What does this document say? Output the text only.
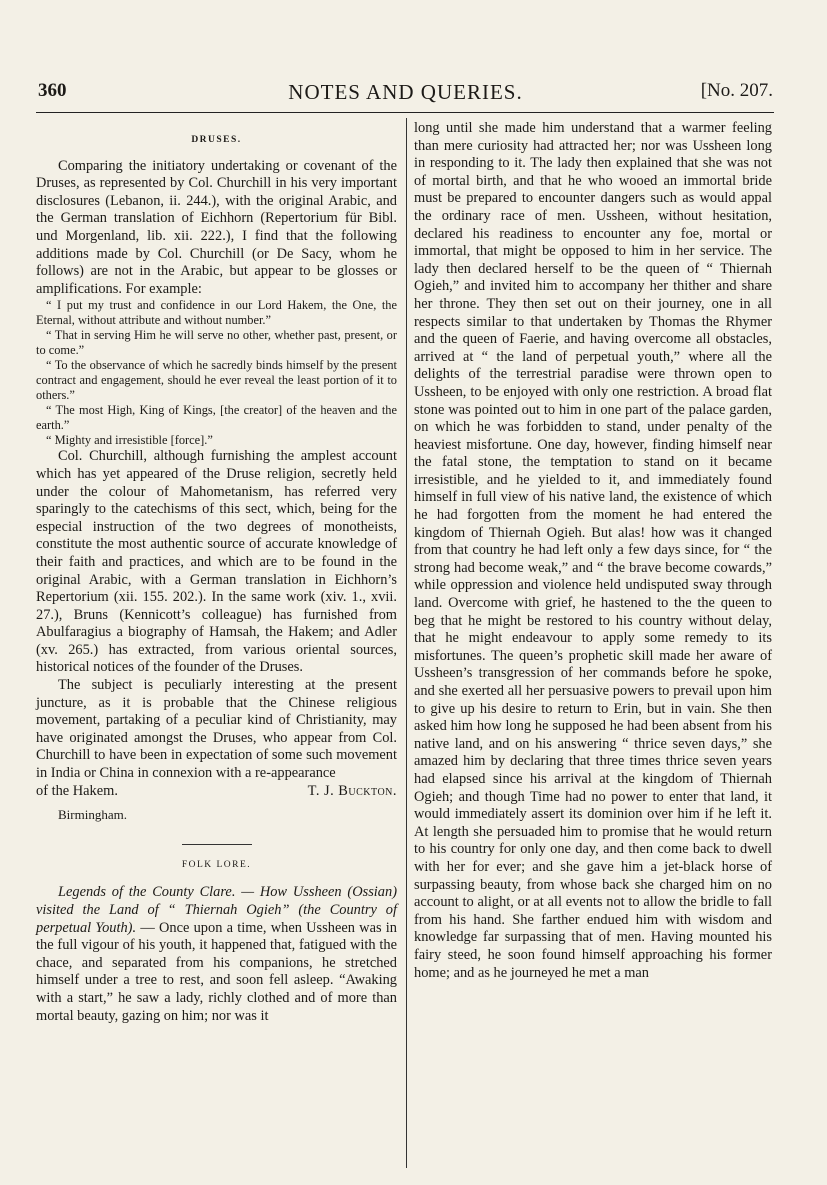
360	NOTES AND QUERIES.	[No. 207.
DRUSES.

Comparing the initiatory undertaking or covenant of the Druses, as represented by Col. Churchill in his very important disclosures (Lebanon, ii. 244.), with the original Arabic, and the German translation of Eichhorn (Repertorium für Bibl. und Morgenland, lib. xii. 222.), I find that the following additions made by Col. Churchill (or De Sacy, whom he follows) are not in the Arabic, but appear to be glosses or amplifications. For example:

“ I put my trust and confidence in our Lord Hakem, the One, the Eternal, without attribute and without number.”

“ That in serving Him he will serve no other, whether past, present, or to come.”

“ To the observance of which he sacredly binds himself by the present contract and engagement, should he ever reveal the least portion of it to others.”

“ The most High, King of Kings, [the creator] of the heaven and the earth.”

“ Mighty and irresistible [force].”

Col. Churchill, although furnishing the amplest account which has yet appeared of the Druse religion, secretly held under the colour of Mahometanism, has referred very sparingly to the catechisms of this sect, which, being for the especial instruction of the two degrees of monotheists, constitute the most authentic source of accurate knowledge of their faith and practices, and which are to be found in the original Arabic, with a German translation in Eichhorn’s Repertorium (xii. 155. 202.). In the same work (xiv. 1., xvii. 27.), Bruns (Kennicott’s colleague) has furnished from Abulfaragius a biography of Hamsah, the Hakem; and Adler (xv. 265.) has extracted, from various oriental sources, historical notices of the founder of the Druses.

The subject is peculiarly interesting at the present juncture, as it is probable that the Chinese religious movement, partaking of a peculiar kind of Christianity, may have originated amongst the Druses, who appear from Col. Churchill to have been in expectation of some such movement in India or China in connexion with a re-appearance

of the Hakem.	T. J. Buckton.

Birmingham.

FOLK LORE.

Legends of the County Clare. — How Ussheen (Ossian) visited the Land of “ Thiernah Ogieh” (the Country of perpetual Youth). — Once upon a time, when Ussheen was in the full vigour of his youth, it happened that, fatigued with the chace, and separated from his companions, he stretched himself under a tree to rest, and soon fell asleep. “Awaking with a start,” he saw a lady, richly clothed and of more than mortal beauty, gazing on him; nor was it

long until she made him understand that a warmer feeling than mere curiosity had attracted her; nor was Ussheen long in responding to it. The lady then explained that she was not of mortal birth, and that he who wooed an immortal bride must be prepared to encounter dangers such as would appal the ordinary race of men. Ussheen, without hesitation, declared his readiness to encounter any foe, mortal or immortal, that might be opposed to him in her service. The lady then declared herself to be the queen of “ Thiernah Ogieh,” and invited him to accompany her thither and share her throne. They then set out on their journey, one in all respects similar to that undertaken by Thomas the Rhymer and the queen of Faerie, and having overcome all obstacles, arrived at “ the land of perpetual youth,” where all the delights of the terrestrial paradise were thrown open to Ussheen, to be enjoyed with only one restriction. A broad flat stone was pointed out to him in one part of the palace garden, on which he was forbidden to stand, under penalty of the heaviest misfortune. One day, however, finding himself near the fatal stone, the temptation to stand on it became irresistible, and he yielded to it, and immediately found himself in full view of his native land, the existence of which he had forgotten from the moment he had entered the kingdom of Thiernah Ogieh. But alas! how was it changed from that country he had left only a few days since, for “ the strong had become weak,” and “ the brave become cowards,” while oppression and violence held undisputed sway through land. Overcome with grief, he hastened to the the queen to beg that he might be restored to his country without delay, that he might endeavour to apply some remedy to its misfortunes. The queen’s prophetic skill made her aware of Ussheen’s transgression of her commands before he spoke, and she exerted all her persuasive powers to prevail upon him to give up his desire to return to Erin, but in vain. She then asked him how long he supposed he had been absent from his native land, and on his answering “ thrice seven days,” she amazed him by declaring that three times thrice seven years had elapsed since his arrival at the kingdom of Thiernah Ogieh; and though Time had no power to enter that land, it would immediately assert its dominion over him if he left it. At length she persuaded him to promise that he would return to his country for only one day, and then come back to dwell with her for ever; and she gave him a jet-black horse of surpassing beauty, from whose back she charged him on no account to alight, or at all events not to allow the bridle to fall from his hand. She farther endued him with wisdom and knowledge far surpassing that of men. Having mounted his fairy steed, he soon found himself approaching his former home; and as he journeyed he met a man
